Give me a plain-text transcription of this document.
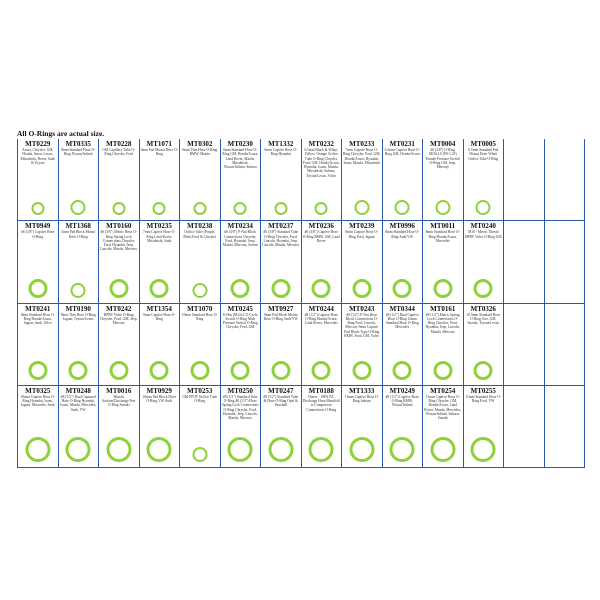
All O-Rings are actual size.
MT0229
Acura, Chrysler, GM, Honda, Isuzu, Lexus, Mitsubishi, Rover, Saab & Toyota
MT0335
8mm Standard Hose O-Ring Nissan/Infiniti
MT0228
GM Capillary Tube O-Ring Chrysler, Ford
MT1071
5mm Pad Mount Drier O-Ring
MT0302
6mm Thin Hose O-Ring BMW, Mazda
MT0230
6mm Standard Hose O-Ring GM, Honda/Acura, Land Rover, Mazda, Mitsubishi, Nissan/Infiniti, Subaru
MT1332
6mm Captive Hose O-Ring Hyundai
MT0232
6.5mm Black & White, Yellow, Orange Orifice Tube O-Ring Chrysler, Ford, GM, Honda/Acura, Hyundai, Isuzu, Mazda, Mitsubishi, Subaru, Toyota/Lexus, Volvo
MT0233
7mm Captive Hose O-Ring Chrysler, Ford, GM, Honda/Acura, Hyundai, Isuzu, Mazda, Mitsubishi
MT0231
6.5mm Captive Hose O-Ring GM, Honda/Acura
MT0004
#6 (3/8") O-Ring M10x1.0 (PS-1.25) Female Pressure Switch O-Ring GM, Jeep, Mercury
MT0005
6.5mm Standard Pad Mount Drier White Orifice Tube O-Ring
MT0949
#6 (3/8") Captive Hose O-Ring
MT1368
5mm Pad Block Mount Drier O-Ring
MT0160
#6 (3/8") Metric Hose O-Ring Spring Lock Connections Chrysler, Ford, Hyundai, Jeep, Lincoln, Mazda, Mercury
MT0235
7mm Captive Hose O-Ring Land Rover, Mitsubishi, Saab
MT0238
Orifice Tube (Purple, Blue) Ford & Chrysler
MT0234
#6 (3/8") P-Nut Block Connections Chrysler, Ford, Hyundai, Jeep, Mazda, Mercury, Saturn
MT0237
#6 (3/8") Standard Tube O-Ring Chrysler, Ford, Lincoln, Hyundai, Jeep, Lincoln, Mazda, Mercury
MT0236
#6 (3/8") Captive Hose O-Ring BMW, GM, Land Rover
MT0239
8mm Captive Hose O-Ring Ford, Jaguar
MT0996
8mm Standard Hose O-Ring Audi/VW
MT0011
8mm Standard Hose O-Ring Honda/Acura, Mercedes
MT0240
M10 - Metric Thread HPRV Valve O-Ring GM
MT0241
9mm Standard Hose O-Ring Honda/Acura, Jaguar, Saab, Volvo
MT0190
9mm Thin Hose O-Ring Jaguar, Toyota/Lexus
MT0242
HPRV Valve O-Ring Chrysler, Ford, GM, Jeep, Mercury
MT1354
9mm Captive Hose O-Ring
MT1070
10mm Standard Hose O-Ring
MT0245
8.19m (M12x1.5) Cycle Switch O-Ring Male Pressure Switch O-Ring Chrysler, Ford, GM
MT0927
9mm Pad Block Mount Drier O-Ring Audi/VW
MT0244
#8 (1/2") Captive Hose O-Ring Honda/Acura, Land Rover, Mercedes
MT0243
#8 (1/2") P-Nut Hose Block Connections O-Ring Ford, Lincoln, Mercury 9mm Captive Pad Block-Type O-Ring BMW, Ford, GM, Volvo
MT0344
#8 (1/2") Dual Captive Hose O-Ring 12mm Standard Hose O-Ring Mercedes
MT0161
#8 (1/2") Metric Spring Lock Connections O-Ring Chrysler, Ford, Hyundai, Jeep, Lincoln, Mazda, Mercury
MT0326
10.5mm Standard Hose O-Ring Geo, GM, Suzuki, Toyota/Lexus
MT0325
10mm Captive Hose O-Ring Hyundai, Isuzu, Jaguar, Mercedes, Saab
MT0248
#8 (1/2") Dual Captured Hose O-Ring Hyundai, Isuzu, Mazda, Mercedes, Saab, VW
MT0016
Hitachi Suction/Discharge Port O-Ring Suzuki
MT0929
10mm Pad Block Drier O-Ring VW/Audi
MT0253
GM FFOT Orifice Tube O-Ring
MT0250
#8 (1/2") Standard Tube O-Ring #8 (1/2") Hose Spring Lock Connections O-Ring Chrysler, Ford, Hyundai, Jeep, Lincoln, Mazda, Mercury
MT0247
#8 (1/2") Standard Tube & Hose O-Ring Opel & Vauxhall
MT0188
Denso - 10PA15C Discharge Hose Manifold to Compressor Connections O-Ring
MT1333
11mm Captive Hose O-Ring Subaru
MT0249
#8 (1/2") Captive Hose O-Ring BMW, Nissan/Infiniti
MT0254
11mm Captive Hose O-Ring Chrysler, GM, Honda/Acura, Land Rover, Mazda, Mercedes, Nissan/Infiniti, Subaru, Suzuki
MT0255
11mm Standard Hose O-Ring Ford, VW
